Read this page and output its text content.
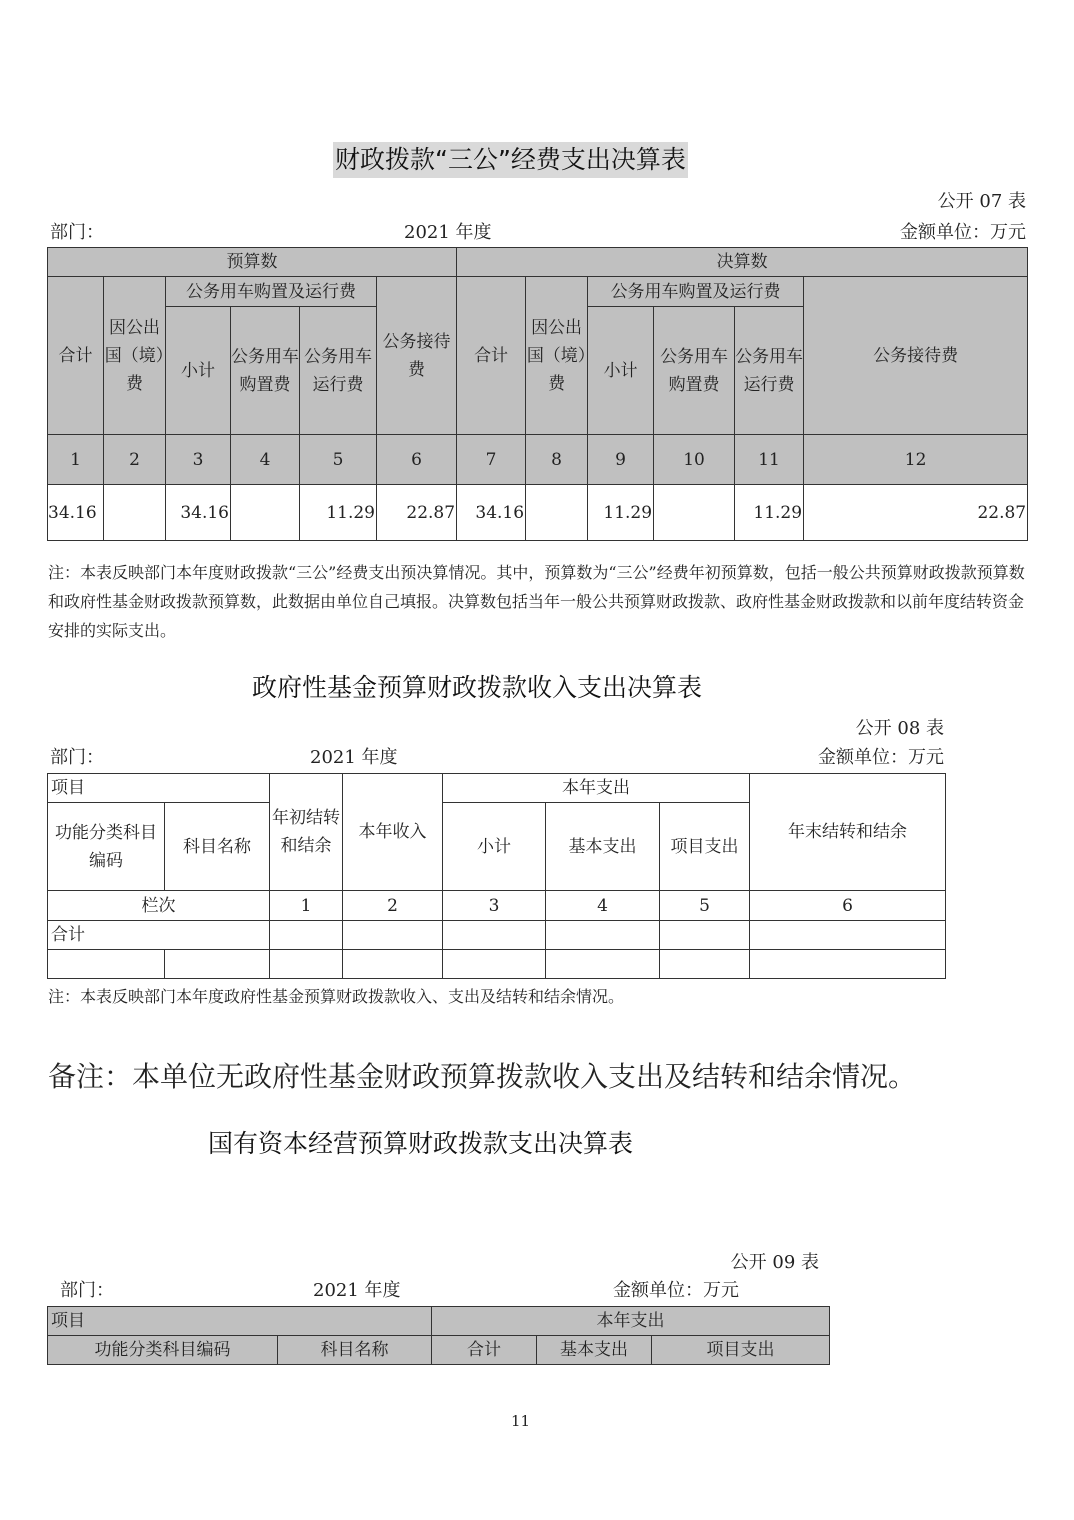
财政拨款“三公”经费支出决算表
公开 07 表
部门：	2021 年度	金额单位：万元
预算数						决算数					
合计	因公出国（境）费	公务用车购置及运行费			公务接待费	合计	因公出国（境）费	公务用车购置及运行费			公务接待费
		小计	公务用车购置费	公务用车运行费				小计	公务用车购置费	公务用车运行费	
1	2	3	4	5	6	7	8	9	10	11	12
34.16		34.16		11.29	22.87	34.16		11.29		11.29	22.87
注：本表反映部门本年度财政拨款“三公”经费支出预决算情况。其中，预算数为“三公”经费年初预算数，包括一般公共预算财政拨款预算数和政府性基金财政拨款预算数，此数据由单位自己填报。决算数包括当年一般公共预算财政拨款、政府性基金财政拨款和以前年度结转资金安排的实际支出。
政府性基金预算财政拨款收入支出决算表
公开 08 表
部门：	2021 年度	金额单位：万元
项目		年初结转和结余	本年收入	本年支出			年末结转和结余
功能分类科目编码	科目名称			小计	基本支出	项目支出	
栏次		1	2	3	4	5	6
合计							

注：本表反映部门本年度政府性基金预算财政拨款收入、支出及结转和结余情况。
备注：本单位无政府性基金财政预算拨款收入支出及结转和结余情况。
国有资本经营预算财政拨款支出决算表
公开 09 表
部门：	2021 年度	金额单位：万元
项目		本年支出		
功能分类科目编码	科目名称	合计	基本支出	项目支出
11
